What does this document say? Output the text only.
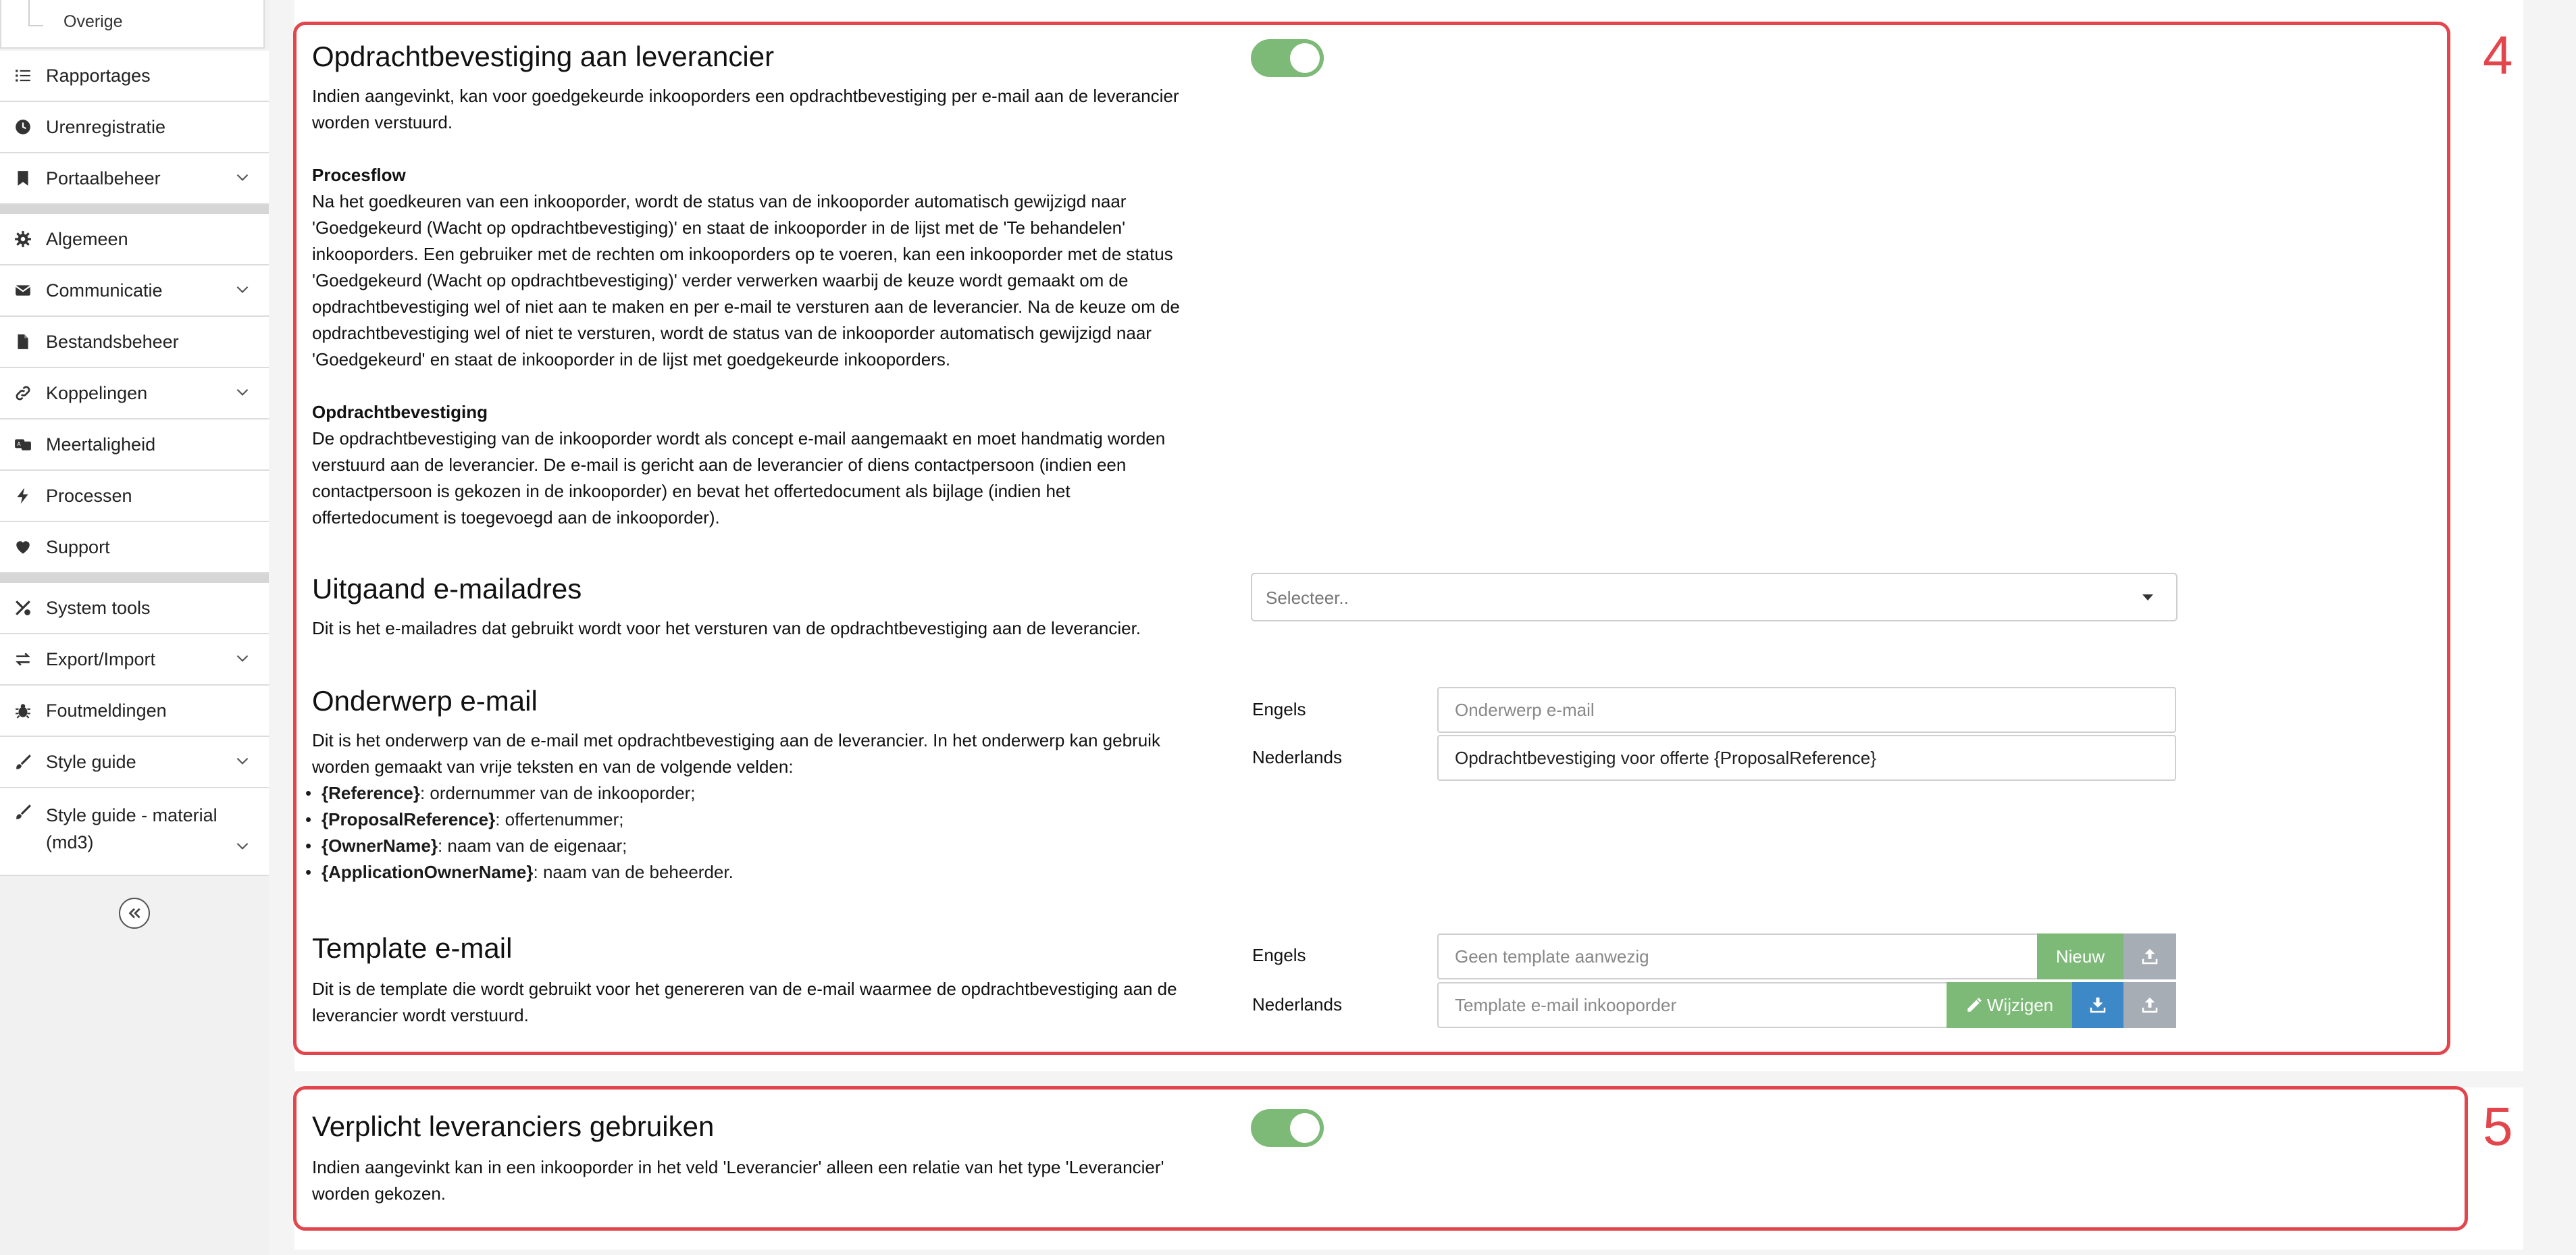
Overige
Rapportages
Urenregistratie
Portaalbeheer
Algemeen
Communicatie
Bestandsbeheer
Koppelingen
A Meertaligheid
Processen
Support
System tools
Export/Import
Foutmeldingen
Style guide
Style guide - material
(md3)
4
Opdrachtbevestiging aan leverancier
Indien aangevinkt, kan voor goedgekeurde inkooporders een opdrachtbevestiging per e-mail aan de leverancier
worden verstuurd.
Procesflow
Na het goedkeuren van een inkooporder, wordt de status van de inkooporder automatisch gewijzigd naar
'Goedgekeurd (Wacht op opdrachtbevestiging)' en staat de inkooporder in de lijst met de 'Te behandelen'
inkooporders. Een gebruiker met de rechten om inkooporders op te voeren, kan een inkooporder met de status
'Goedgekeurd (Wacht op opdrachtbevestiging)' verder verwerken waarbij de keuze wordt gemaakt om de
opdrachtbevestiging wel of niet aan te maken en per e-mail te versturen aan de leverancier. Na de keuze om de
opdrachtbevestiging wel of niet te versturen, wordt de status van de inkooporder automatisch gewijzigd naar
'Goedgekeurd' en staat de inkooporder in de lijst met goedgekeurde inkooporders.
Opdrachtbevestiging
De opdrachtbevestiging van de inkooporder wordt als concept e-mail aangemaakt en moet handmatig worden
verstuurd aan de leverancier. De e-mail is gericht aan de leverancier of diens contactpersoon (indien een
contactpersoon is gekozen in de inkooporder) en bevat het offertedocument als bijlage (indien het
offertedocument is toegevoegd aan de inkooporder).
Uitgaand e-mailadres
Dit is het e-mailadres dat gebruikt wordt voor het versturen van de opdrachtbevestiging aan de leverancier.
Selecteer..
Onderwerp e-mail
Dit is het onderwerp van de e-mail met opdrachtbevestiging aan de leverancier. In het onderwerp kan gebruik
worden gemaakt van vrije teksten en van de volgende velden:
• {Reference}: ordernummer van de inkooporder;
• {ProposalReference}: offertenummer;
• {OwnerName}: naam van de eigenaar;
• {ApplicationOwnerName}: naam van de beheerder.
Engels	Onderwerp e-mail
Nederlands	Opdrachtbevestiging voor offerte {ProposalReference}
Template e-mail
Dit is de template die wordt gebruikt voor het genereren van de e-mail waarmee de opdrachtbevestiging aan de
leverancier wordt verstuurd.
Engels	Geen template aanwezig	Nieuw
Nederlands	Template e-mail inkooporder	Wijzigen
5
Verplicht leveranciers gebruiken
Indien aangevinkt kan in een inkooporder in het veld 'Leverancier' alleen een relatie van het type 'Leverancier'
worden gekozen.
